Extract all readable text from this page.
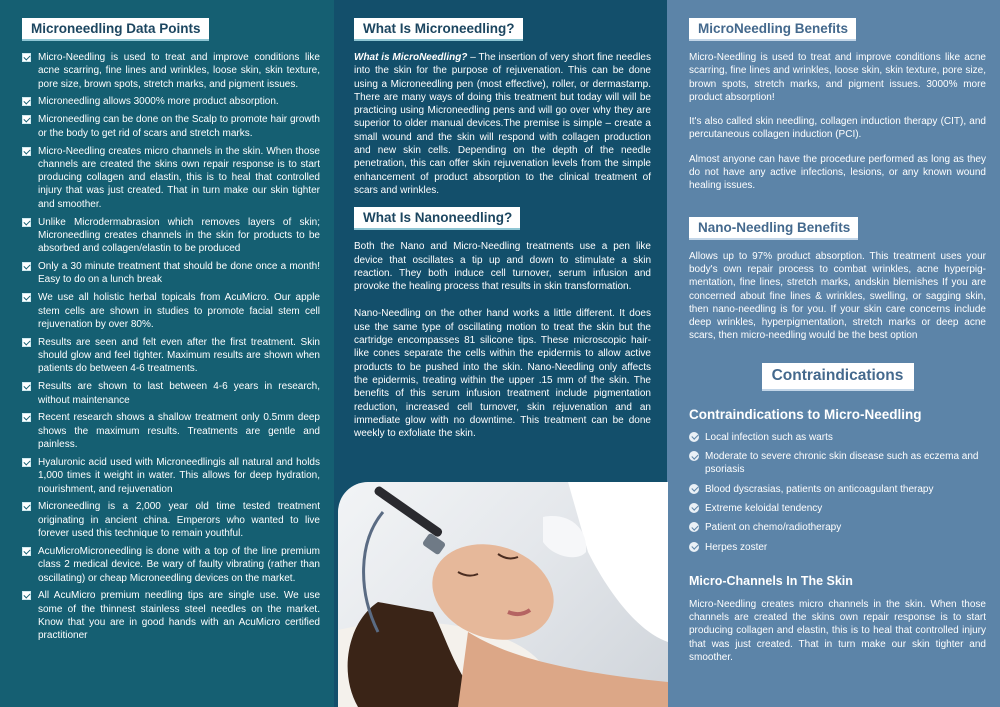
Microneedling Data Points
Micro-Needling is used to treat and improve conditions like acne scarring, fine lines and wrinkles, loose skin, skin texture, pore size, brown spots, stretch marks, and pigment issues.
Microneedling allows 3000% more product absorption.
Microneedling can be done on the Scalp to promote hair growth or the body to get rid of scars and stretch marks.
Micro-Needling creates micro channels in the skin. When those channels are created the skins own repair response is to start producing collagen and elastin, this is to heal that controlled injury that was just created. That in turn make our skin tighter and smoother.
Unlike Microdermabrasion which removes layers of skin; Microneedling creates channels in the skin for products to be absorbed and collagen/elastin to be produced
Only a 30 minute treatment that should be done once a month! Easy to do on a lunch break
We use all holistic herbal topicals from AcuMicro. Our apple stem cells are shown in studies to promote facial stem cell rejuvenation by over 80%.
Results are seen and felt even after the first treatment. Skin should glow and feel tighter. Maximum results are shown when patients do between 4-6 treatments.
Results are shown to last between 4-6 years in research, without maintenance
Recent research shows a shallow treatment only 0.5mm deep shows the maximum results. Treatments are gentle and painless.
Hyaluronic acid used with Microneedlingis all natural and holds 1,000 times it weight in water. This allows for deep hydration, nourishment, and rejuvenation
Microneedling is a 2,000 year old time tested treatment originating in ancient china. Emperors who wanted to live forever used this technique to remain youthful.
AcuMicroMicroneedling is done with a top of the line premium class 2 medical device. Be wary of faulty vibrating (rather than oscillating) or cheap Microneedling devices on the market.
All AcuMicro premium needling tips are single use. We use some of the thinnest stainless steel needles on the market. Know that you are in good hands with an AcuMicro certified practitioner
What Is Microneedling?

What is MicroNeedling? – The insertion of very short fine needles into the skin for the purpose of rejuvenation. This can be done using a Microneedling pen (most effective), roller, or dermastamp. There are many ways of doing this treatment but today will will be practicing using Microneedling pens and will go over why they are superior to older manual devices.The premise is simple – create a small wound and the skin will respond with collagen production and new skin cells. Depending on the depth of the needle penetration, this can offer skin rejuvenation levels from the simple enhancement of product absorption to the clinical treatment of scars and wrinkles.

What Is Nanoneedling?

Both the Nano and Micro-Needling treatments use a pen like device that oscillates a tip up and down to stimulate a skin reaction. They both induce cell turnover, serum infusion and provoke the healing process that results in skin transformation.

Nano-Needling on the other hand works a little different. It does use the same type of oscillating motion to treat the skin but the cartridge encompasses 81 silicone tips. These microscopic hair-like cones separate the cells within the epidermis to allow active products to be pushed into the skin. Nano-Needling only affects the epidermis, treating within the upper .15 mm of the skin. The benefits of this serum infusion treatment include pigmentation reduction, increased cell turnover, skin rejuvenation and an immediate glow with no downtime. This treatment can be done weekly to exfoliate the skin.

MicroNeedling Benefits

Micro-Needling is used to treat and improve conditions like acne scarring, fine lines and wrinkles, loose skin, skin texture, pore size, brown spots, stretch marks, and pigment issues. 3000% more product absorption!

It's also called skin needling, collagen induction therapy (CIT), and percutaneous collagen induction (PCI).

Almost anyone can have the procedure performed as long as they do not have any active infections, lesions, or any known wound healing issues.

Nano-Needling Benefits

Allows up to 97% product absorption. This treatment uses your body's own repair process to combat wrinkles, acne hyperpig-mentation, fine lines, stretch marks, andskin blemishes If you are concerned about fine lines & wrinkles, swelling, or sagging skin, then nano-needling is for you. If your skin care concerns include deep wrinkles, hyperpigmentation, stretch marks or deep acne scars, then micro-needling would be the best option

Contraindications
Contraindications to Micro-Needling
Local infection such as warts
Moderate to severe chronic skin disease such as eczema and psoriasis
Blood dyscrasias, patients on anticoagulant therapy
Extreme keloidal tendency
Patient on chemo/radiotherapy
Herpes zoster
Micro-Channels In The Skin

Micro-Needling creates micro channels in the skin. When those channels are created the skins own repair response is to start producing collagen and elastin, this is to heal that controlled injury that was just created. That in turn make our skin tighter and smoother.
